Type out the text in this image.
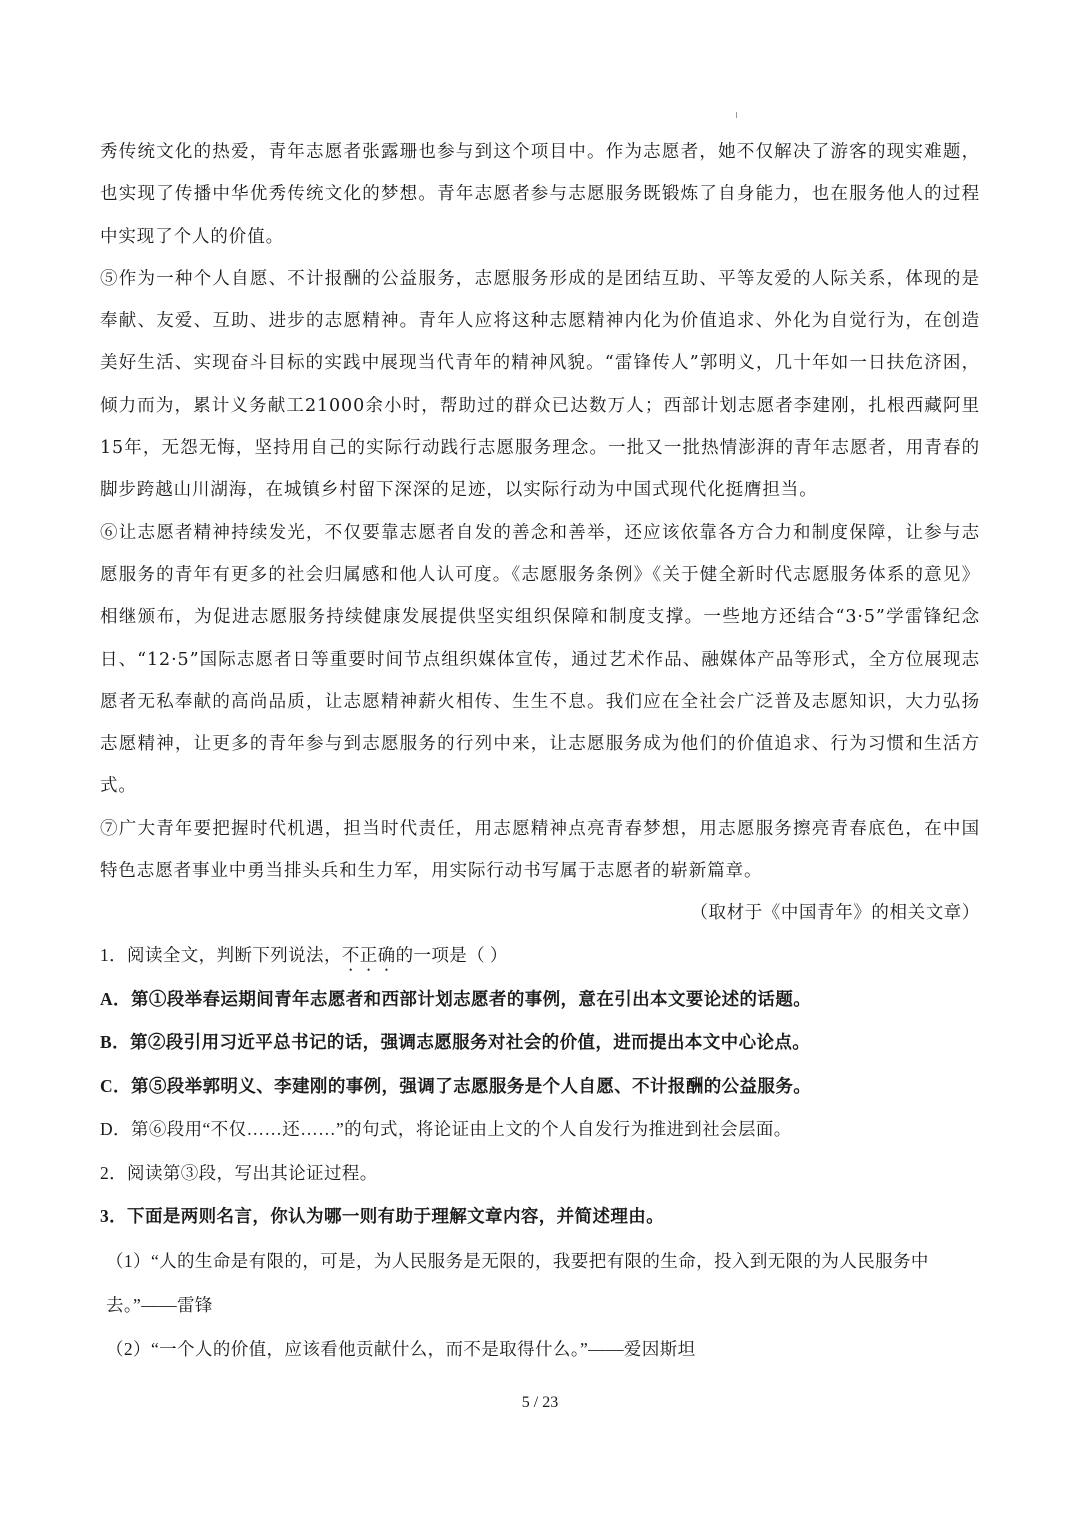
秀传统文化的热爱，青年志愿者张露珊也参与到这个项目中。作为志愿者，她不仅解决了游客的现实难题，也实现了传播中华优秀传统文化的梦想。青年志愿者参与志愿服务既锻炼了自身能力，也在服务他人的过程中实现了个人的价值。

⑤作为一种个人自愿、不计报酬的公益服务，志愿服务形成的是团结互助、平等友爱的人际关系，体现的是奉献、友爱、互助、进步的志愿精神。青年人应将这种志愿精神内化为价值追求、外化为自觉行为，在创造美好生活、实现奋斗目标的实践中展现当代青年的精神风貌。“雷锋传人”郭明义，几十年如一日扶危济困，倾力而为，累计义务献工21000余小时，帮助过的群众已达数万人；西部计划志愿者李建刚，扎根西藏阿里15年，无怨无悔，坚持用自己的实际行动践行志愿服务理念。一批又一批热情澎湃的青年志愿者，用青春的脚步跨越山川湖海，在城镇乡村留下深深的足迹，以实际行动为中国式现代化挺膺担当。

⑥让志愿者精神持续发光，不仅要靠志愿者自发的善念和善举，还应该依靠各方合力和制度保障，让参与志愿服务的青年有更多的社会归属感和他人认可度。《志愿服务条例》《关于健全新时代志愿服务体系的意见》相继颁布，为促进志愿服务持续健康发展提供坚实组织保障和制度支撑。一些地方还结合“3·5”学雷锋纪念日、“12·5”国际志愿者日等重要时间节点组织媒体宣传，通过艺术作品、融媒体产品等形式，全方位展现志愿者无私奉献的高尚品质，让志愿精神薪火相传、生生不息。我们应在全社会广泛普及志愿知识，大力弘扬志愿精神，让更多的青年参与到志愿服务的行列中来，让志愿服务成为他们的价值追求、行为习惯和生活方式。

⑦广大青年要把握时代机遇，担当时代责任，用志愿精神点亮青春梦想，用志愿服务擦亮青春底色，在中国特色志愿者事业中勇当排头兵和生力军，用实际行动书写属于志愿者的崭新篇章。

（取材于《中国青年》的相关文章）

1．阅读全文，判断下列说法，不正确的一项是（ ）

A．第①段举春运期间青年志愿者和西部计划志愿者的事例，意在引出本文要论述的话题。

B．第②段引用习近平总书记的话，强调志愿服务对社会的价值，进而提出本文中心论点。

C．第⑤段举郭明义、李建刚的事例，强调了志愿服务是个人自愿、不计报酬的公益服务。

D．第⑥段用“不仅……还……”的句式，将论证由上文的个人自发行为推进到社会层面。

2．阅读第③段，写出其论证过程。

3．下面是两则名言，你认为哪一则有助于理解文章内容，并简述理由。

（1）“人的生命是有限的，可是，为人民服务是无限的，我要把有限的生命，投入到无限的为人民服务中去。”——雷锋

（2）“一个人的价值，应该看他贡献什么，而不是取得什么。”——爱因斯坦

5 / 23
